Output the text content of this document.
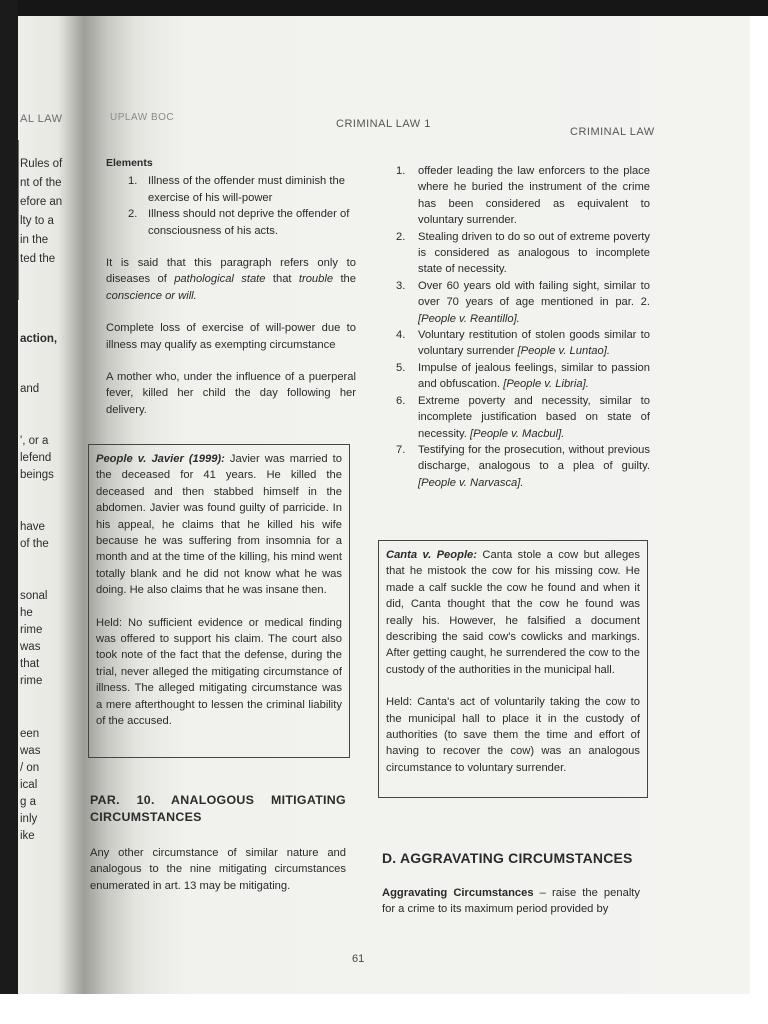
AL LAW
Rules of
nt of the
efore an
lty to a
in the
ted the
action,
and
', or a
lefend
beings
have
of the
sonal
he
rime
was
that
rime
een
was
/ on
ical
g a
inly
ike
UPLAW BOC
CRIMINAL LAW 1
CRIMINAL LAW

Elements

1. Illness of the offender must diminish the exercise of his will-power
2. Illness should not deprive the offender of consciousness of his acts.

It is said that this paragraph refers only to diseases of pathological state that trouble the conscience or will.

Complete loss of exercise of will-power due to illness may qualify as exempting circumstance

A mother who, under the influence of a puerperal fever, killed her child the day following her delivery.

People v. Javier (1999): Javier was married to the deceased for 41 years. He killed the deceased and then stabbed himself in the abdomen. Javier was found guilty of parricide. In his appeal, he claims that he killed his wife because he was suffering from insomnia for a month and at the time of the killing, his mind went totally blank and he did not know what he was doing. He also claims that he was insane then.

Held: No sufficient evidence or medical finding was offered to support his claim. The court also took note of the fact that the defense, during the trial, never alleged the mitigating circumstance of illness. The alleged mitigating circumstance was a mere afterthought to lessen the criminal liability of the accused.

PAR. 10. ANALOGOUS MITIGATING CIRCUMSTANCES
Any other circumstance of similar nature and analogous to the nine mitigating circumstances enumerated in art. 13 may be mitigating.
1. offeder leading the law enforcers to the place where he buried the instrument of the crime has been considered as equivalent to voluntary surrender.
2. Stealing driven to do so out of extreme poverty is considered as analogous to incomplete state of necessity.
3. Over 60 years old with failing sight, similar to over 70 years of age mentioned in par. 2. [People v. Reantillo].
4. Voluntary restitution of stolen goods similar to voluntary surrender [People v. Luntao].
5. Impulse of jealous feelings, similar to passion and obfuscation. [People v. Libria].
6. Extreme poverty and necessity, similar to incomplete justification based on state of necessity. [People v. Macbul].
7. Testifying for the prosecution, without previous discharge, analogous to a plea of guilty. [People v. Narvasca].

Canta v. People: Canta stole a cow but alleges that he mistook the cow for his missing cow. He made a calf suckle the cow he found and when it did, Canta thought that the cow he found was really his. However, he falsified a document describing the said cow's cowlicks and markings. After getting caught, he surrendered the cow to the custody of the authorities in the municipal hall.

Held: Canta's act of voluntarily taking the cow to the municipal hall to place it in the custody of authorities (to save them the time and effort of having to recover the cow) was an analogous circumstance to voluntary surrender.

D. AGGRAVATING CIRCUMSTANCES
Aggravating Circumstances – raise the penalty for a crime to its maximum period provided by
61
